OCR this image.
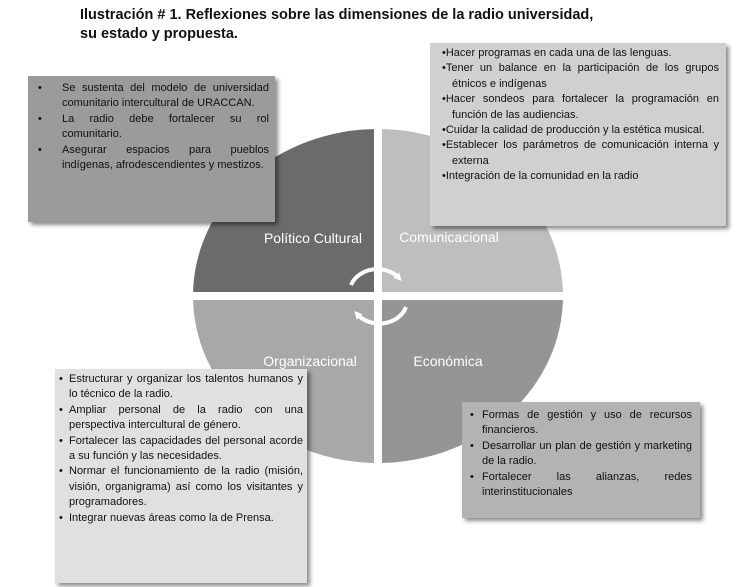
Ilustración # 1. Reflexiones sobre las dimensiones de la radio universidad,
su estado y propuesta.
Político Cultural	Comunicacional
Organizacional	Económica
• Se sustenta del modelo de universidad comunitario intercultural de URACCAN.
• La radio debe fortalecer su rol comunitario.
• Asegurar espacios para pueblos indígenas, afrodescendientes y mestizos.
• Hacer programas en cada una de las lenguas.
• Tener un balance en la participación de los grupos étnicos e indígenas
• Hacer sondeos para fortalecer la programación en función de las audiencias.
• Cuidar la calidad de producción y la estética musical.
• Establecer los parámetros de comunicación interna y externa
• Integración de la comunidad en la radio
• Estructurar y organizar los talentos humanos y lo técnico de la radio.
• Ampliar personal de la radio con una perspectiva intercultural de género.
• Fortalecer las capacidades del personal acorde a su función y las necesidades.
• Normar el funcionamiento de la radio (misión, visión, organigrama) así como los visitantes y programadores.
• Integrar nuevas áreas como la de Prensa.
• Formas de gestión y uso de recursos financieros.
• Desarrollar un plan de gestión y marketing de la radio.
• Fortalecer las alianzas, redes interinstitucionales
